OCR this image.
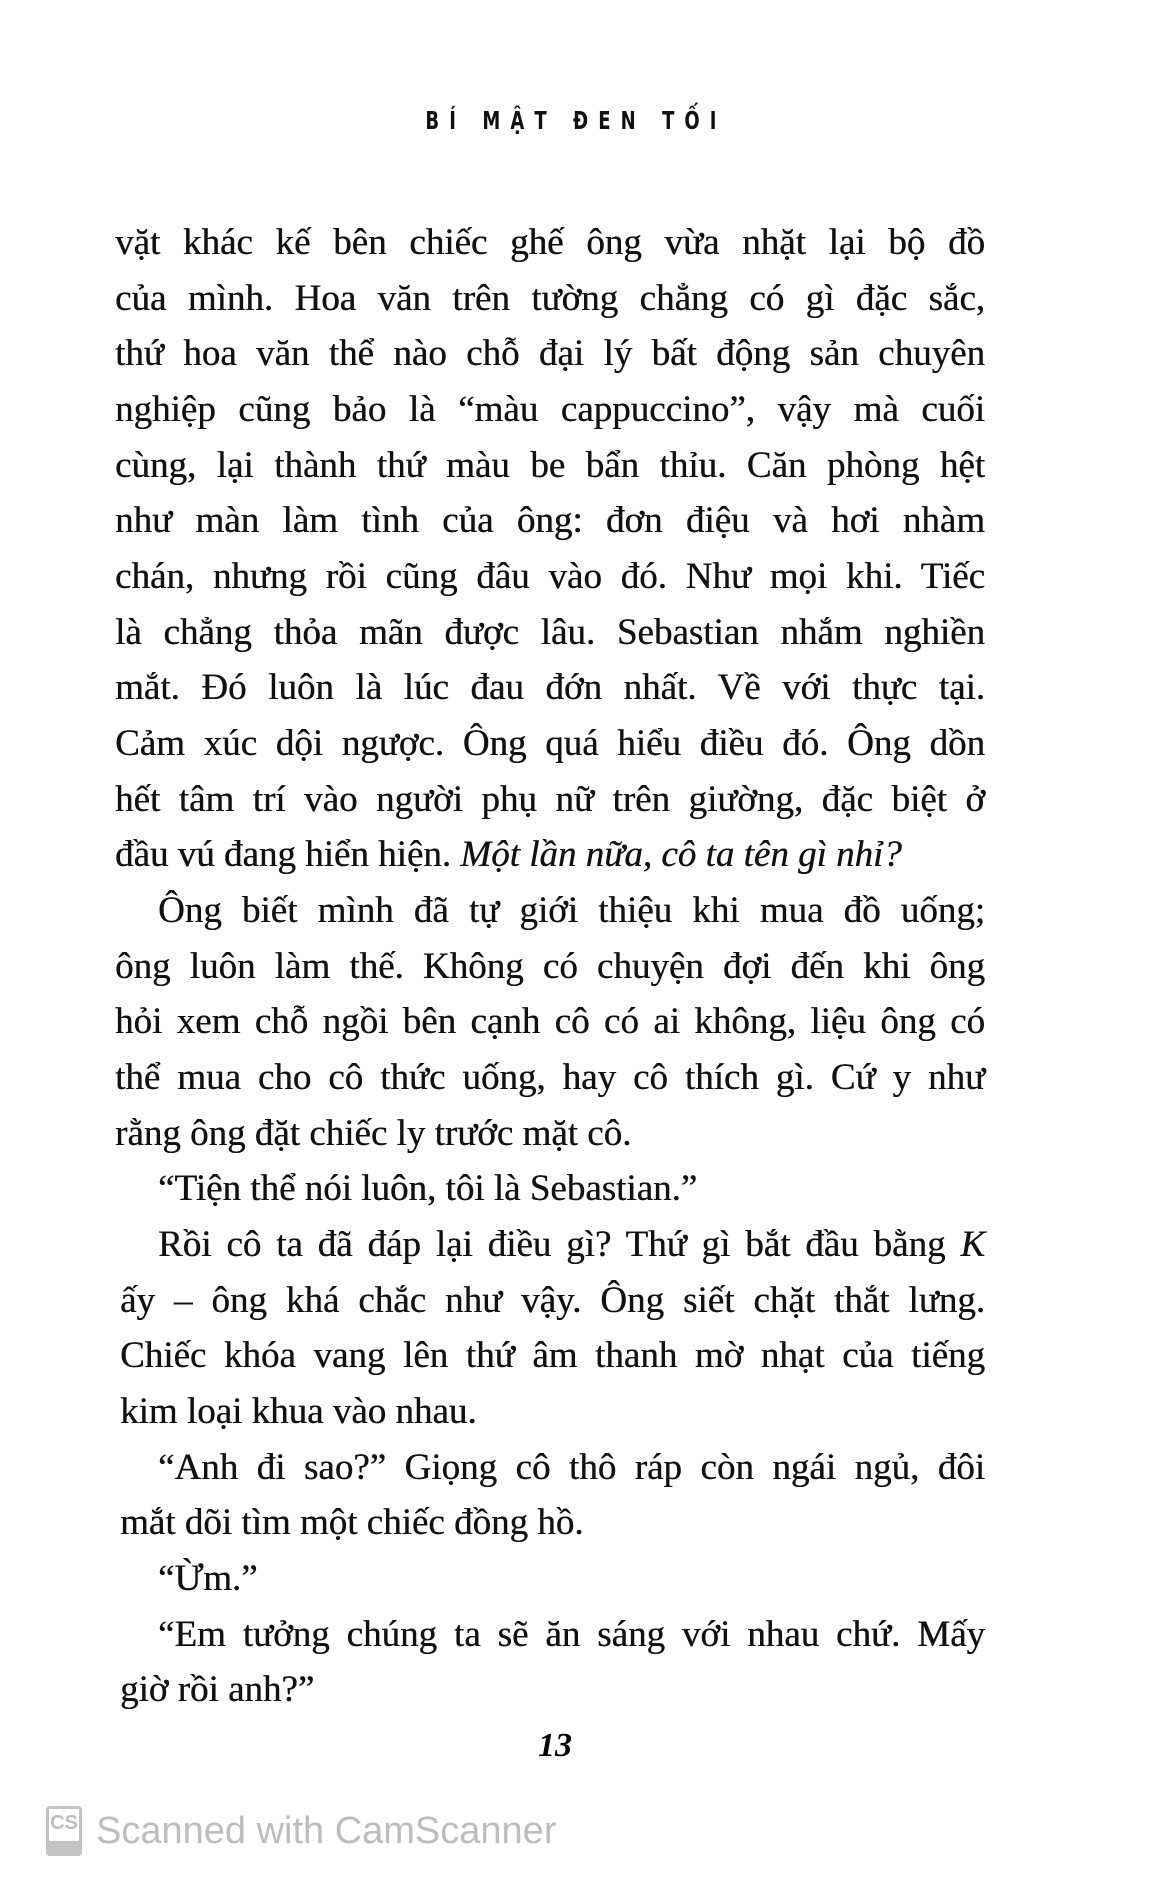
BÍ MẬT ĐEN TỐI
vặt khác kế bên chiếc ghế ông vừa nhặt lại bộ đồ
của mình. Hoa văn trên tường chẳng có gì đặc sắc,
thứ hoa văn thể nào chỗ đại lý bất động sản chuyên
nghiệp cũng bảo là “màu cappuccino”, vậy mà cuối
cùng, lại thành thứ màu be bẩn thỉu. Căn phòng hệt
như màn làm tình của ông: đơn điệu và hơi nhàm
chán, nhưng rồi cũng đâu vào đó. Như mọi khi. Tiếc
là chẳng thỏa mãn được lâu. Sebastian nhắm nghiền
mắt. Đó luôn là lúc đau đớn nhất. Về với thực tại.
Cảm xúc dội ngược. Ông quá hiểu điều đó. Ông dồn
hết tâm trí vào người phụ nữ trên giường, đặc biệt ở
đầu vú đang hiển hiện. Một lần nữa, cô ta tên gì nhỉ?
Ông biết mình đã tự giới thiệu khi mua đồ uống;
ông luôn làm thế. Không có chuyện đợi đến khi ông
hỏi xem chỗ ngồi bên cạnh cô có ai không, liệu ông có
thể mua cho cô thức uống, hay cô thích gì. Cứ y như
rằng ông đặt chiếc ly trước mặt cô.
“Tiện thể nói luôn, tôi là Sebastian.”
Rồi cô ta đã đáp lại điều gì? Thứ gì bắt đầu bằng K
ấy – ông khá chắc như vậy. Ông siết chặt thắt lưng.
Chiếc khóa vang lên thứ âm thanh mờ nhạt của tiếng
kim loại khua vào nhau.
“Anh đi sao?” Giọng cô thô ráp còn ngái ngủ, đôi
mắt dõi tìm một chiếc đồng hồ.
“Ừm.”
“Em tưởng chúng ta sẽ ăn sáng với nhau chứ. Mấy
giờ rồi anh?”
13
CS Scanned with CamScanner
